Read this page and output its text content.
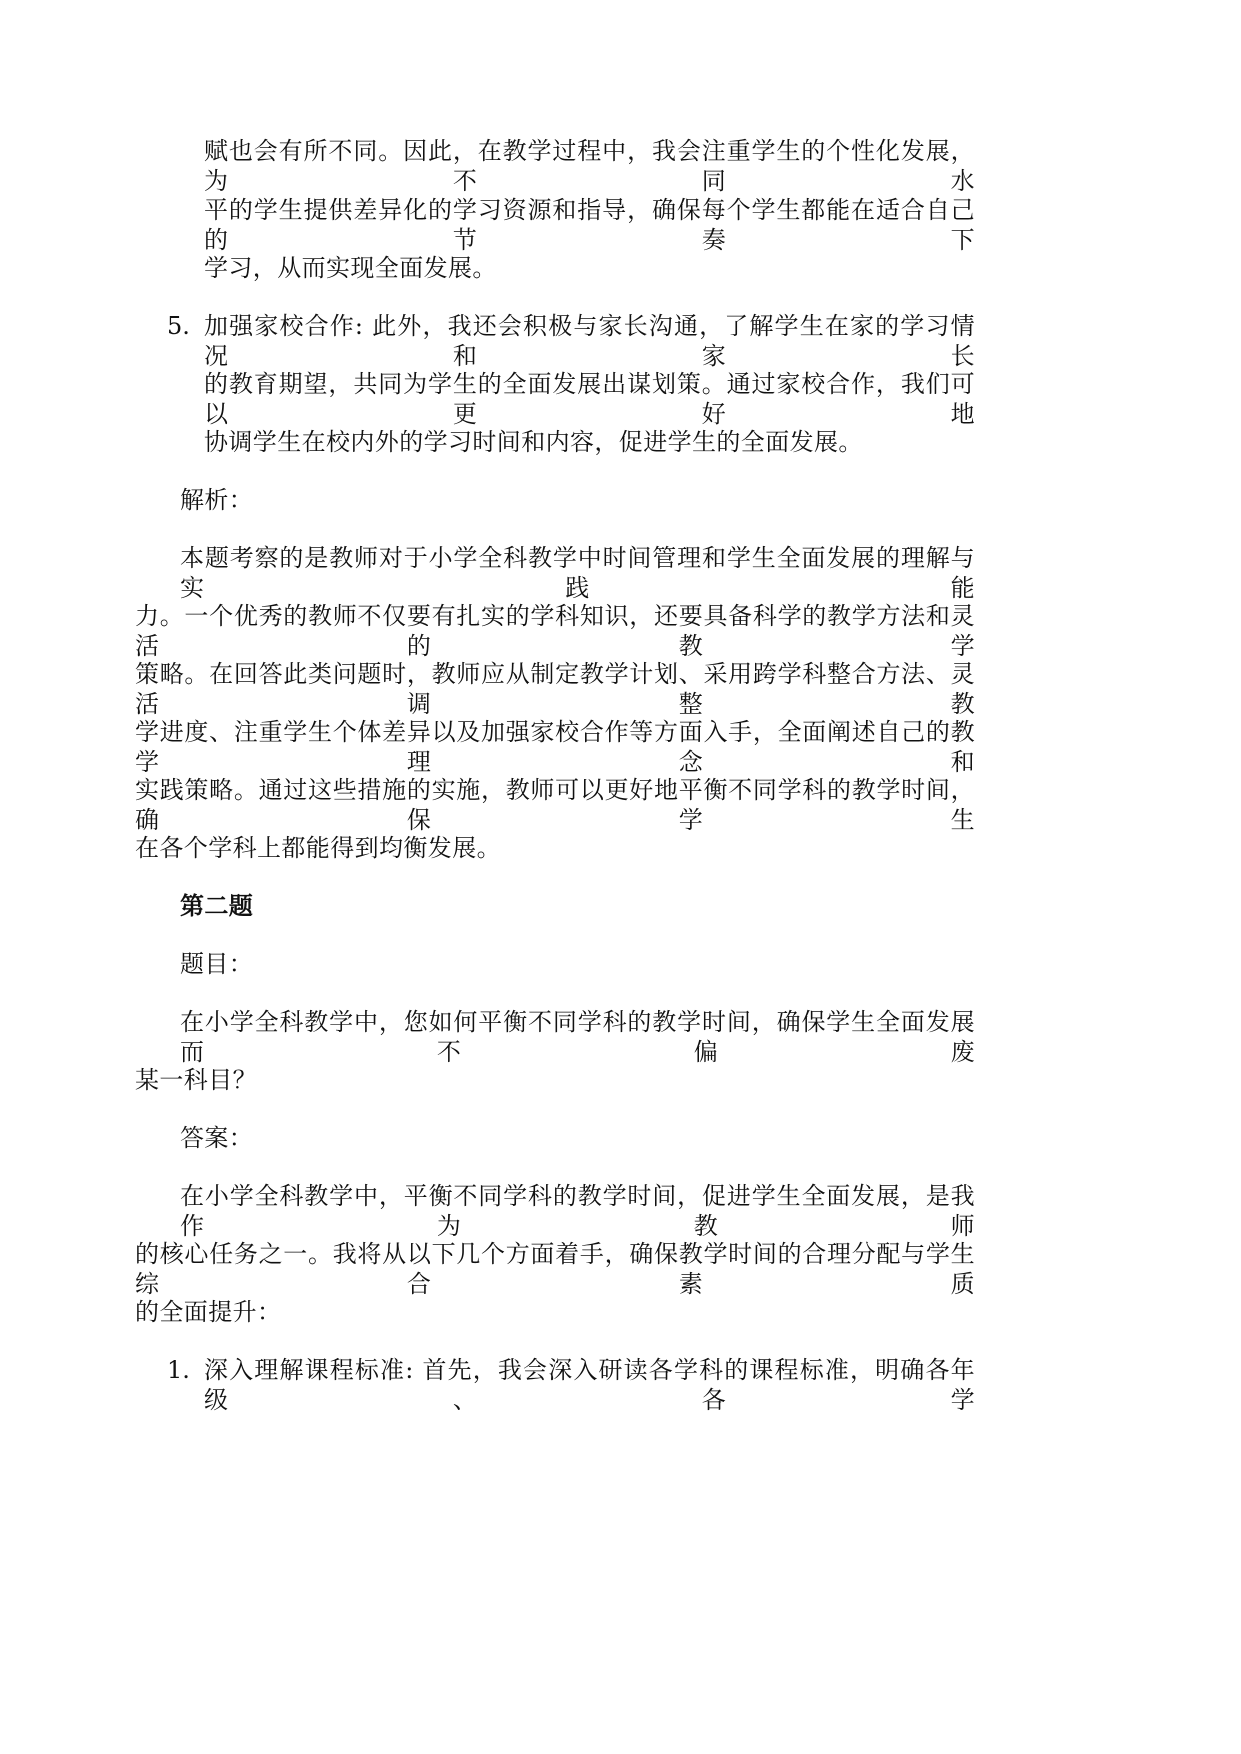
赋也会有所不同。因此，在教学过程中，我会注重学生的个性化发展，为不同水
平的学生提供差异化的学习资源和指导，确保每个学生都能在适合自己的节奏下
学习，从而实现全面发展。
5. 加强家校合作: 此外，我还会积极与家长沟通，了解学生在家的学习情况和家长
的教育期望，共同为学生的全面发展出谋划策。通过家校合作，我们可以更好地
协调学生在校内外的学习时间和内容，促进学生的全面发展。
解析：
本题考察的是教师对于小学全科教学中时间管理和学生全面发展的理解与实践能
力。一个优秀的教师不仅要有扎实的学科知识，还要具备科学的教学方法和灵活的教学
策略。在回答此类问题时，教师应从制定教学计划、采用跨学科整合方法、灵活调整教
学进度、注重学生个体差异以及加强家校合作等方面入手，全面阐述自己的教学理念和
实践策略。通过这些措施的实施，教师可以更好地平衡不同学科的教学时间，确保学生
在各个学科上都能得到均衡发展。
第二题
题目：
在小学全科教学中，您如何平衡不同学科的教学时间，确保学生全面发展而不偏废
某一科目？
答案：
在小学全科教学中，平衡不同学科的教学时间，促进学生全面发展，是我作为教师
的核心任务之一。我将从以下几个方面着手，确保教学时间的合理分配与学生综合素质
的全面提升：
1. 深入理解课程标准: 首先，我会深入研读各学科的课程标准，明确各年级、各学
